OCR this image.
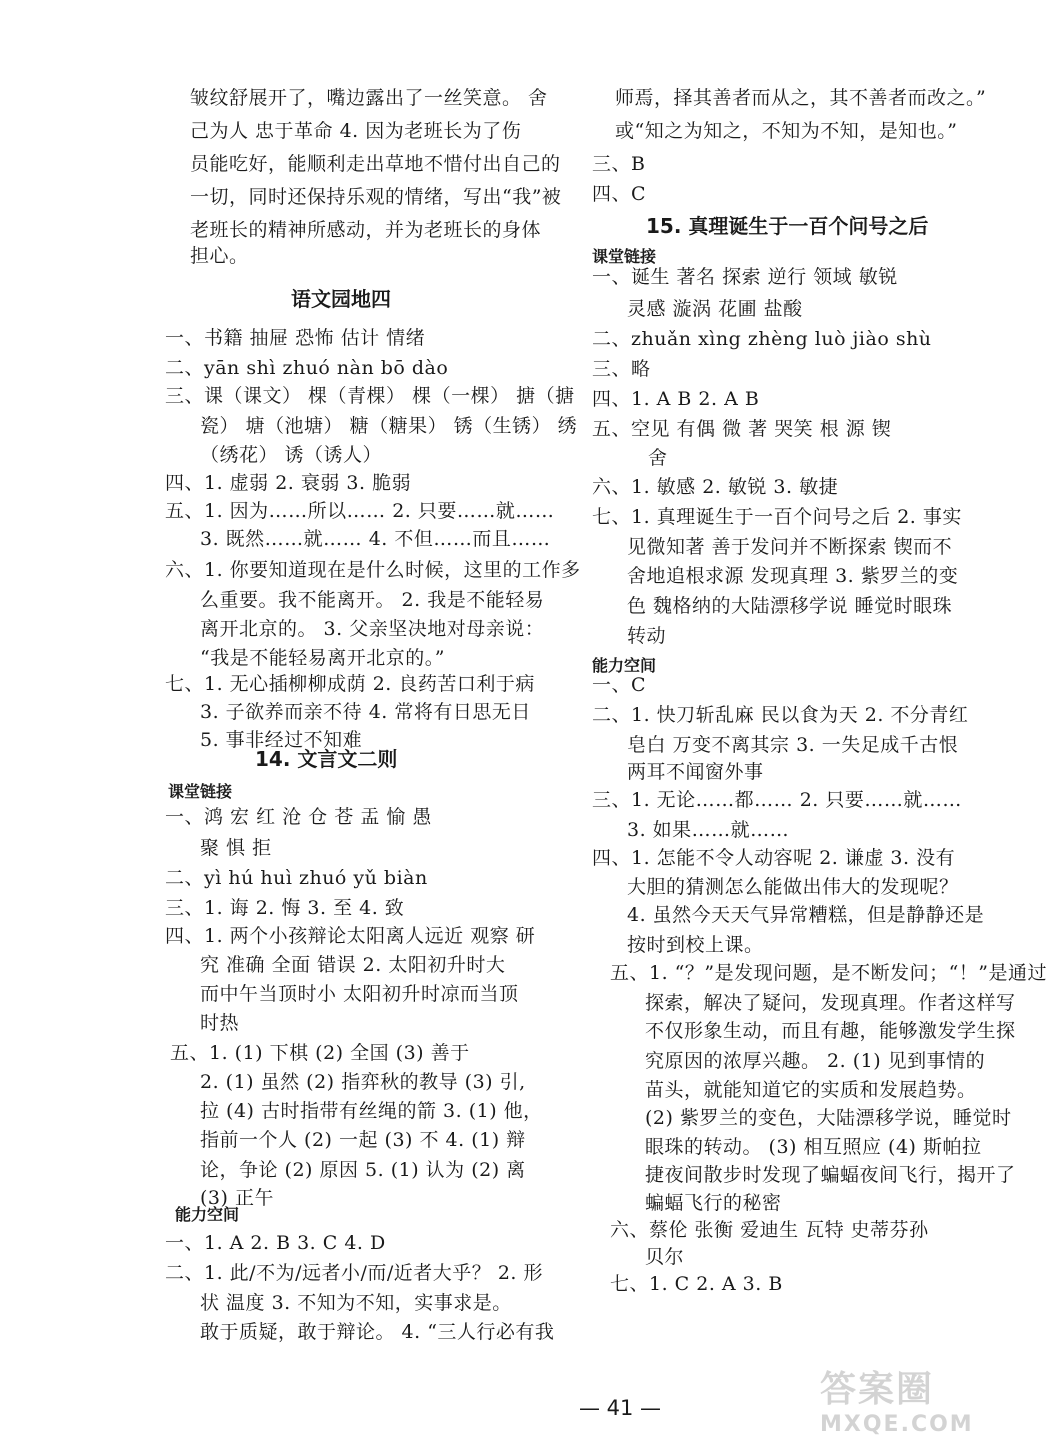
皱纹舒展开了，嘴边露出了一丝笑意。 舍
己为人 忠于革命 4. 因为老班长为了伤
员能吃好，能顺利走出草地不惜付出自己的
一切，同时还保持乐观的情绪，写出“我”被
老班长的精神所感动，并为老班长的身体
担心。
语文园地四
一、书籍 抽屉 恐怖 估计 情绪
二、yān shì zhuó nàn bō dào
三、课（课文） 棵（青棵） 棵（一棵） 搪（搪
瓷） 塘（池塘） 糖（糖果） 锈（生锈） 绣
（绣花） 诱（诱人）
四、1. 虚弱 2. 衰弱 3. 脆弱
五、1. 因为……所以…… 2. 只要……就……
3. 既然……就…… 4. 不但……而且……
六、1. 你要知道现在是什么时候，这里的工作多
么重要。我不能离开。 2. 我是不能轻易
离开北京的。 3. 父亲坚决地对母亲说：
“我是不能轻易离开北京的。”
七、1. 无心插柳柳成荫 2. 良药苦口利于病
3. 子欲养而亲不待 4. 常将有日思无日
5. 事非经过不知难
14. 文言文二则
课堂链接
一、鸿 宏 红 沧 仓 苍 盂 愉 愚
聚 惧 拒
二、yì hú huì zhuó yǔ biàn
三、1. 诲 2. 悔 3. 至 4. 致
四、1. 两个小孩辩论太阳离人远近 观察 研
究 准确 全面 错误 2. 太阳初升时大
而中午当顶时小 太阳初升时凉而当顶
时热
五、1. (1) 下棋 (2) 全国 (3) 善于
2. (1) 虽然 (2) 指弈秋的教导 (3) 引,
拉 (4) 古时指带有丝绳的箭 3. (1) 他，
指前一个人 (2) 一起 (3) 不 4. (1) 辩
论，争论 (2) 原因 5. (1) 认为 (2) 离
(3) 正午
能力空间
一、1. A 2. B 3. C 4. D
二、1. 此/不为/远者小/而/近者大乎？ 2. 形
状 温度 3. 不知为不知，实事求是。
敢于质疑，敢于辩论。 4. “三人行必有我
师焉，择其善者而从之，其不善者而改之。”
或“知之为知之，不知为不知，是知也。”
三、B
四、C
15. 真理诞生于一百个问号之后
课堂链接
一、诞生 著名 探索 逆行 领域 敏锐
灵感 漩涡 花圃 盐酸
二、zhuǎn xìng zhèng luò jiào shù
三、略
四、1. A B 2. A B
五、空见 有偶 微 著 哭笑 根 源 锲
舍
六、1. 敏感 2. 敏锐 3. 敏捷
七、1. 真理诞生于一百个问号之后 2. 事实
见微知著 善于发问并不断探索 锲而不
舍地追根求源 发现真理 3. 紫罗兰的变
色 魏格纳的大陆漂移学说 睡觉时眼珠
转动
能力空间
一、C
二、1. 快刀斩乱麻 民以食为天 2. 不分青红
皂白 万变不离其宗 3. 一失足成千古恨
两耳不闻窗外事
三、1. 无论……都…… 2. 只要……就……
3. 如果……就……
四、1. 怎能不令人动容呢 2. 谦虚 3. 没有
大胆的猜测怎么能做出伟大的发现呢？
4. 虽然今天天气异常糟糕，但是静静还是
按时到校上课。
五、1. “？”是发现问题，是不断发问；“！”是通过
探索，解决了疑问，发现真理。作者这样写
不仅形象生动，而且有趣，能够激发学生探
究原因的浓厚兴趣。 2. (1) 见到事情的
苗头，就能知道它的实质和发展趋势。
(2) 紫罗兰的变色，大陆漂移学说，睡觉时
眼珠的转动。 (3) 相互照应 (4) 斯帕拉
捷夜间散步时发现了蝙蝠夜间飞行，揭开了
蝙蝠飞行的秘密
六、蔡伦 张衡 爱迪生 瓦特 史蒂芬孙
贝尔
七、1. C 2. A 3. B
— 41 —	答案圈
MXQE.COM
